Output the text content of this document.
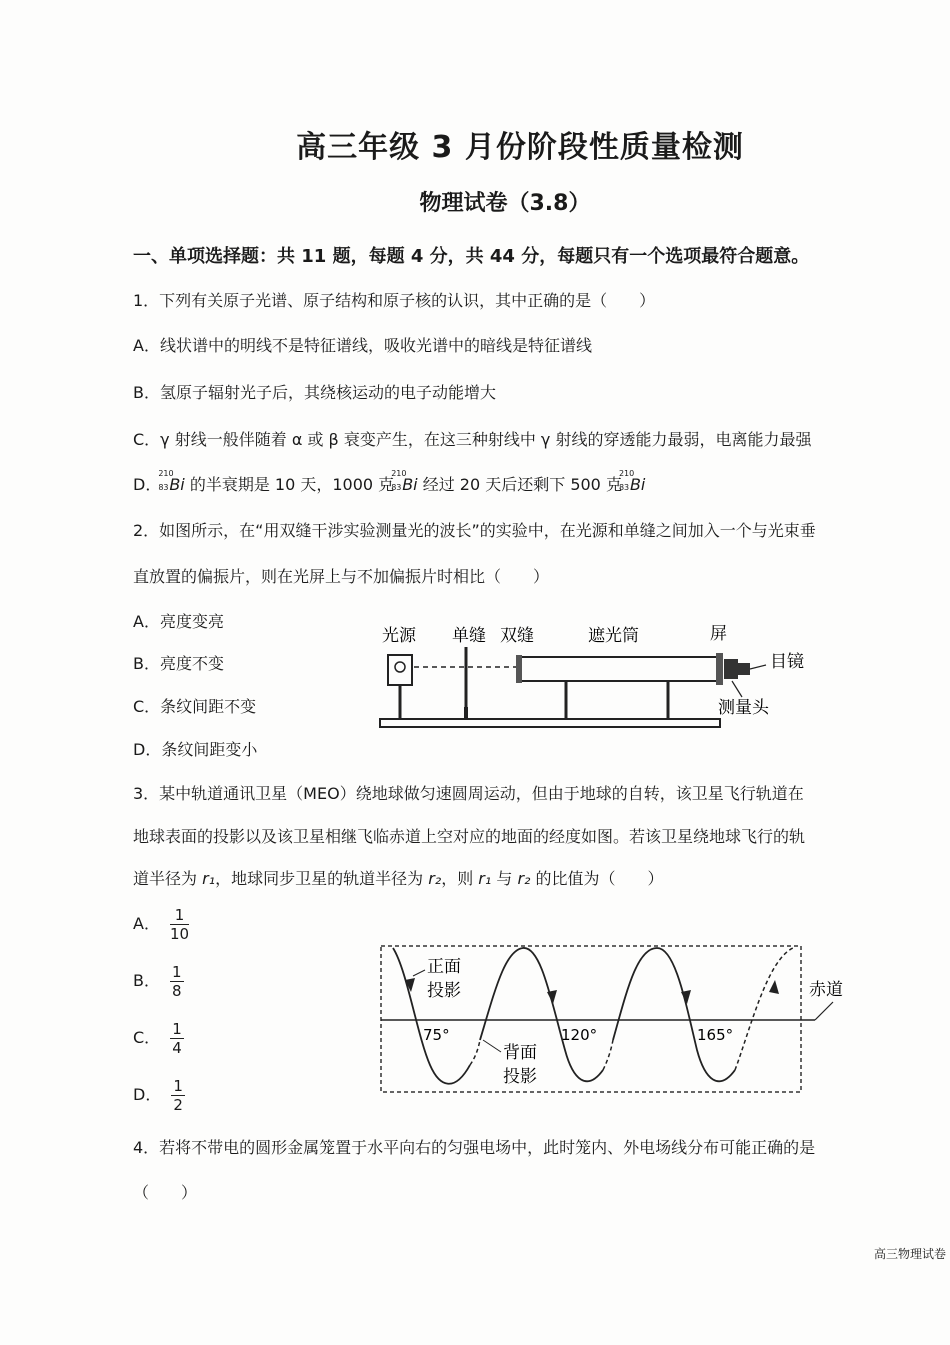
高三年级 3 月份阶段性质量检测
物理试卷（3.8）
一、单项选择题：共 11 题，每题 4 分，共 44 分，每题只有一个选项最符合题意。
1．下列有关原子光谱、原子结构和原子核的认识，其中正确的是（　　）
A．线状谱中的明线不是特征谱线，吸收光谱中的暗线是特征谱线
B．氢原子辐射光子后，其绕核运动的电子动能增大
C．γ 射线一般伴随着 α 或 β 衰变产生，在这三种射线中 γ 射线的穿透能力最弱，电离能力最强
D．
210
83 Bi 的半衰期是 10 天，1000 克
210
83 Bi 经过 20 天后还剩下 500 克
210
83 Bi
2．如图所示，在“用双缝干涉实验测量光的波长”的实验中，在光源和单缝之间加入一个与光束垂
直放置的偏振片，则在光屏上与不加偏振片时相比（　　）
A．亮度变亮
B．亮度不变
C．条纹间距不变
D．条纹间距变小
光源 单缝 双缝	遮光筒	屏
目镜
测量头
3．某中轨道通讯卫星（MEO）绕地球做匀速圆周运动，但由于地球的自转，该卫星飞行轨道在
地球表面的投影以及该卫星相继飞临赤道上空对应的地面的经度如图。若该卫星绕地球飞行的轨
道半径为 r₁，地球同步卫星的轨道半径为 r₂，则 r₁ 与 r₂ 的比值为（　　）
A． $\frac{1}{10}$
B． $\frac{1}{8}$
C． $\frac{1}{4}$
D． $\frac{1}{2}$
赤道
正面
投影
背面
投影
75°	120°	165°
4．若将不带电的圆形金属笼置于水平向右的匀强电场中，此时笼内、外电场线分布可能正确的是
（　　）
高三物理试卷
